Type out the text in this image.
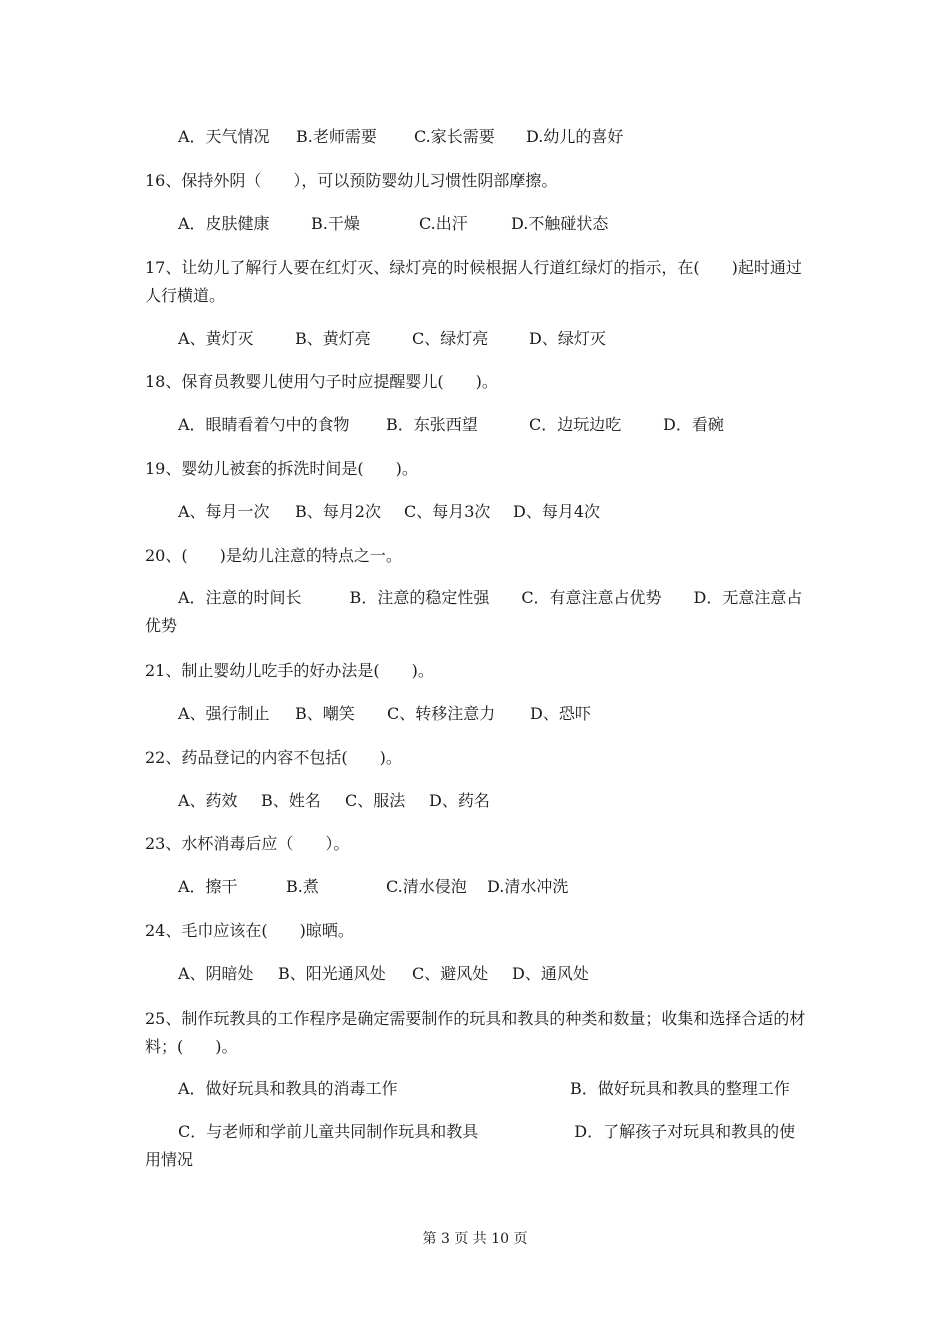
A．天气情况 B.老师需要 C.家长需要 D.幼儿的喜好
16、保持外阴（　　），可以预防婴幼儿习惯性阴部摩擦。
A．皮肤健康	B.干燥	C.出汗	D.不触碰状态
17、让幼儿了解行人要在红灯灭、绿灯亮的时候根据人行道红绿灯的指示，在(　　)起时通过人行横道。
A、黄灯灭	B、黄灯亮	C、绿灯亮	D、绿灯灭
18、保育员教婴儿使用勺子时应提醒婴儿(　　)。
A．眼睛看着勺中的食物 B．东张西望	C．边玩边吃	D．看碗
19、婴幼儿被套的拆洗时间是(　　)。
A、每月一次 B、每月2次 C、每月3次 D、每月4次
20、(　　)是幼儿注意的特点之一。
A．注意的时间长　　　B．注意的稳定性强　　C．有意注意占优势　　D．无意注意占优势
21、制止婴幼儿吃手的好办法是(　　)。
A、强行制止 B、嘲笑 C、转移注意力 D、恐吓
22、药品登记的内容不包括(　　)。
A、药效 B、姓名 C、服法 D、药名
23、水杯消毒后应（　　）。
A．擦干	B.煮	C.清水侵泡 D.清水冲洗
24、毛巾应该在(　　)晾晒。
A、阴暗处 B、阳光通风处 C、避风处 D、通风处
25、制作玩教具的工作程序是确定需要制作的玩具和教具的种类和数量；收集和选择合适的材料；(　　)。
A．做好玩具和教具的消毒工作	B．做好玩具和教具的整理工作
C．与老师和学前儿童共同制作玩具和教具　　　　　　D．了解孩子对玩具和教具的使用情况
第 3 页 共 10 页
